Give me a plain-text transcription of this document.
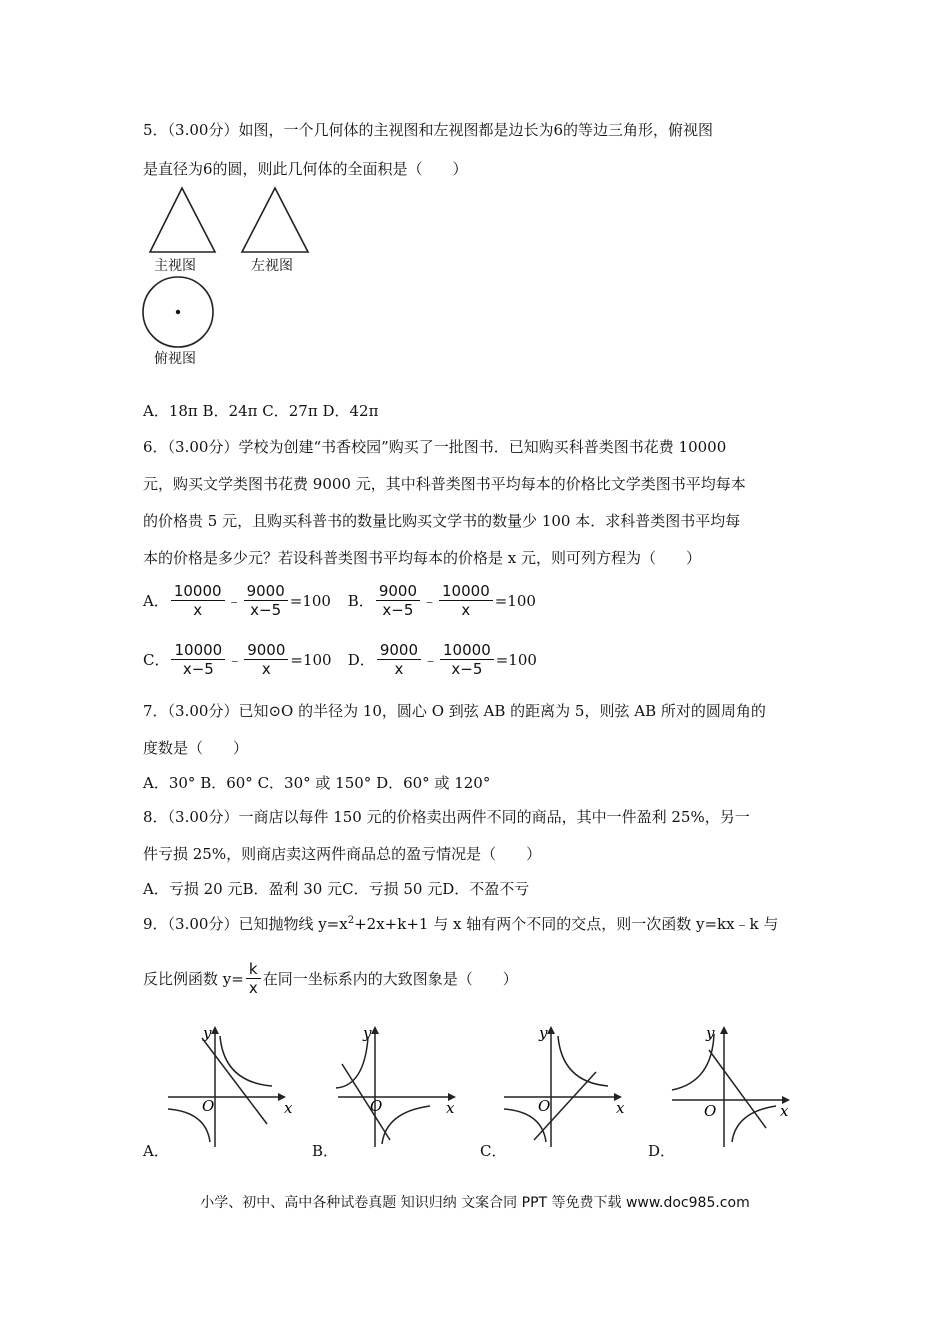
5．（3.00分）如图，一个几何体的主视图和左视图都是边长为6的等边三角形，俯视图
是直径为6的圆，则此几何体的全面积是（　　）
主视图	左视图
俯视图
A．18π B．24π C．27π D．42π
6．（3.00分）学校为创建“书香校园”购买了一批图书．已知购买科普类图书花费 10000
元，购买文学类图书花费 9000 元，其中科普类图书平均每本的价格比文学类图书平均每本
的价格贵 5 元，且购买科普书的数量比购买文学书的数量少 100 本．求科普类图书平均每
本的价格是多少元？若设科普类图书平均每本的价格是 x 元，则可列方程为（　　）
A． $\frac{10000}{x}$ ﹣ $\frac{9000}{x-5} =100$
B． $\frac{9000}{x-5}$ ﹣ $\frac{10000}{x} =100$
C． $\frac{10000}{x-5}$ ﹣ $\frac{9000}{x} =100$
D． $\frac{9000}{x}$ ﹣ $\frac{10000}{x-5} =100$
7．（3.00分）已知⊙O 的半径为 10，圆心 O 到弦 AB 的距离为 5，则弦 AB 所对的圆周角的
度数是（　　）
A．30° B．60° C．30° 或 150° D．60° 或 120°
8．（3.00分）一商店以每件 150 元的价格卖出两件不同的商品，其中一件盈利 25%，另一
件亏损 25%，则商店卖这两件商品总的盈亏情况是（　　）
A．亏损 20 元B．盈利 30 元C．亏损 50 元D．不盈不亏
9．（3.00分）已知抛物线 $y=x^2+2x+k+1$ 与 x 轴有两个不同的交点，则一次函数 y=kx﹣k 与
反比例函数 $y= \frac{k}{x}$ 在同一坐标系内的大致图象是（　　）
x
y
O	x
y
O	x
y
O	x
y
O
A．	B．	C．	D．
小学、初中、高中各种试卷真题 知识归纳 文案合同 PPT 等免费下载 www.doc985.com
